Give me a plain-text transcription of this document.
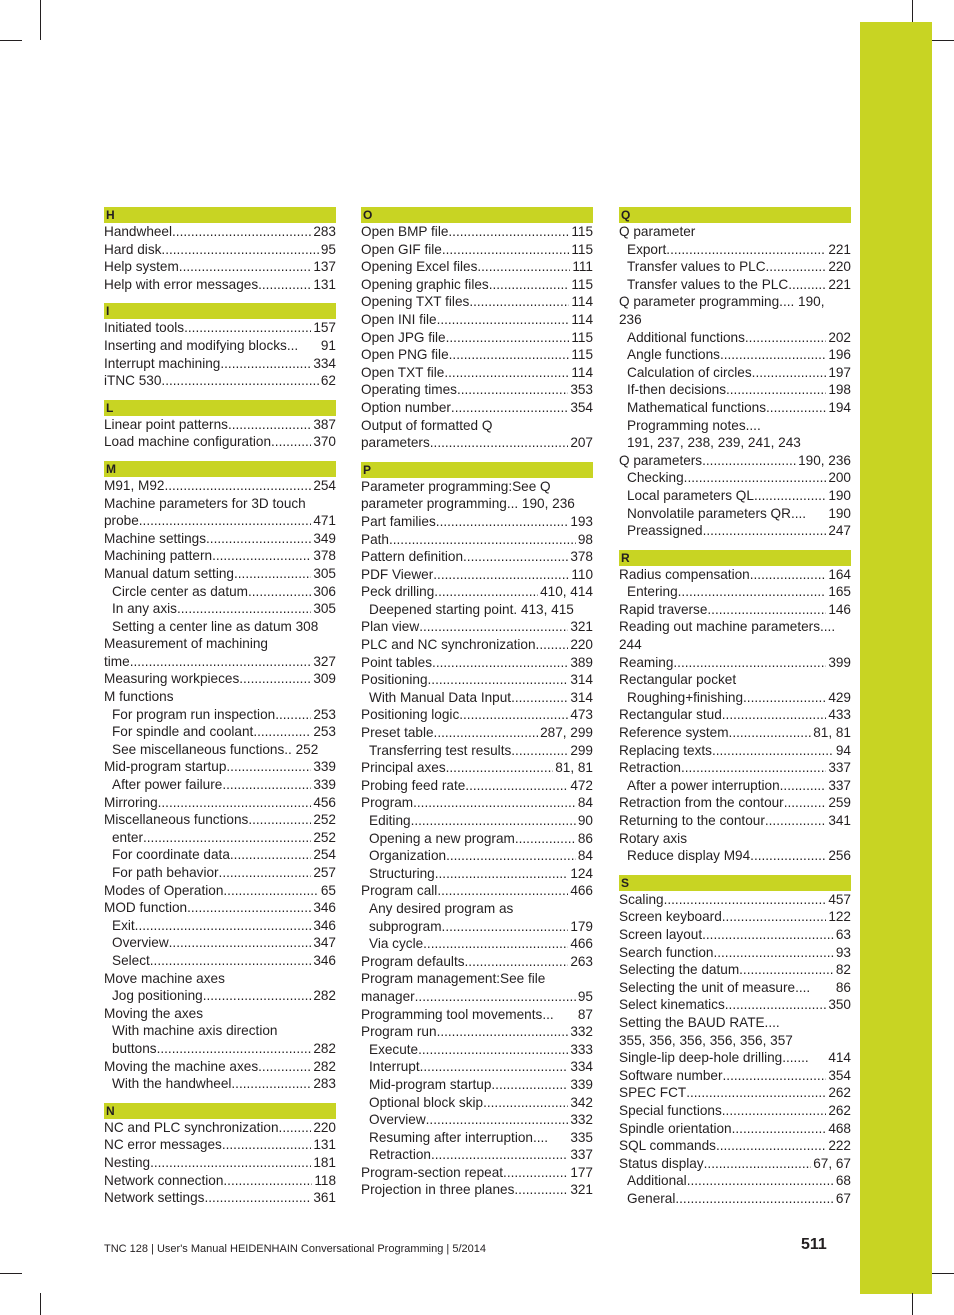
H
Handwheel .....	283
Hard disk .....	95
Help system .....	137
Help with error messages .....	131
I
Initiated tools .....	157
Inserting and modifying blocks... 91
Interrupt machining .....	334
iTNC 530 .....	62
L
Linear point patterns .....	387
Load machine configuration .....	370
M
M91, M92 .....	254
Machine parameters for 3D touch
probe .....	471
Machine settings .....	349
Machining pattern .....	378
Manual datum setting .....	305
Circle center as datum .....	306
In any axis .....	305
Setting a center line as datum 308
Measurement of machining
time .....	327
Measuring workpieces .....	309
M functions
For program run inspection .....	253
For spindle and coolant .....	253
See miscellaneous functions.. 252
Mid-program startup .....	339
After power failure .....	339
Mirroring .....	456
Miscellaneous functions .....	252
enter .....	252
For coordinate data .....	254
For path behavior .....	257
Modes of Operation .....	65
MOD function .....	346
Exit .....	346
Overview .....	347
Select .....	346
Move machine axes
Jog positioning .....	282
Moving the axes
With machine axis direction
buttons .....	282
Moving the machine axes .....	282
With the handwheel .....	283
N
NC and PLC synchronization .....	220
NC error messages .....	131
Nesting .....	181
Network connection .....	118
Network settings .....	361
O
Open BMP file .....	115
Open GIF file .....	115
Opening Excel files .....	111
Opening graphic files .....	115
Opening TXT files .....	114
Open INI file .....	114
Open JPG file .....	115
Open PNG file .....	115
Open TXT file .....	114
Operating times .....	353
Option number .....	354
Output of formatted Q
parameters .....	207
P
Parameter programming:See Q
parameter programming... 190, 236
Part families .....	193
Path .....	98
Pattern definition .....	378
PDF Viewer .....	110
Peck drilling .....	410, 414
Deepened starting point. 413, 415
Plan view .....	321
PLC and NC synchronization .....	220
Point tables .....	389
Positioning .....	314
With Manual Data Input .....	314
Positioning logic .....	473
Preset table .....	287, 299
Transferring test results .....	299
Principal axes .....	81, 81
Probing feed rate .....	472
Program .....	84
Editing .....	90
Opening a new program .....	86
Organization .....	84
Structuring .....	124
Program call .....	466
Any desired program as
subprogram .....	179
Via cycle .....	466
Program defaults .....	263
Program management:See file
manager .....	95
Programming tool movements... 87
Program run .....	332
Execute .....	333
Interrupt .....	334
Mid-program startup .....	339
Optional block skip .....	342
Overview .....	332
Resuming after interruption.... 335
Retraction .....	337
Program-section repeat .....	177
Projection in three planes .....	321
Q
Q parameter
Export .....	221
Transfer values to PLC .....	220
Transfer values to the PLC .....	221
Q parameter programming.... 190,
236
Additional functions .....	202
Angle functions .....	196
Calculation of circles .....	197
If-then decisions .....	198
Mathematical functions .....	194
Programming notes....
191, 237, 238, 239, 241, 243
Q parameters .....	190, 236
Checking .....	200
Local parameters QL .....	190
Nonvolatile parameters QR.... 190
Preassigned .....	247
R
Radius compensation .....	164
Entering .....	165
Rapid traverse .....	146
Reading out machine parameters....
244
Reaming .....	399
Rectangular pocket
Roughing+finishing .....	429
Rectangular stud .....	433
Reference system .....	81, 81
Replacing texts .....	94
Retraction .....	337
After a power interruption .....	337
Retraction from the contour .....	259
Returning to the contour .....	341
Rotary axis
Reduce display M94 .....	256
S
Scaling .....	457
Screen keyboard .....	122
Screen layout .....	63
Search function .....	93
Selecting the datum .....	82
Selecting the unit of measure.... 86
Select kinematics .....	350
Setting the BAUD RATE....
355, 356, 356, 356, 356, 357
Single-lip deep-hole drilling....... 414
Software number .....	354
SPEC FCT .....	262
Special functions .....	262
Spindle orientation .....	468
SQL commands .....	222
Status display .....	67, 67
Additional .....	68
General .....	67
TNC 128 | User's Manual HEIDENHAIN Conversational Programming | 5/2014	511
